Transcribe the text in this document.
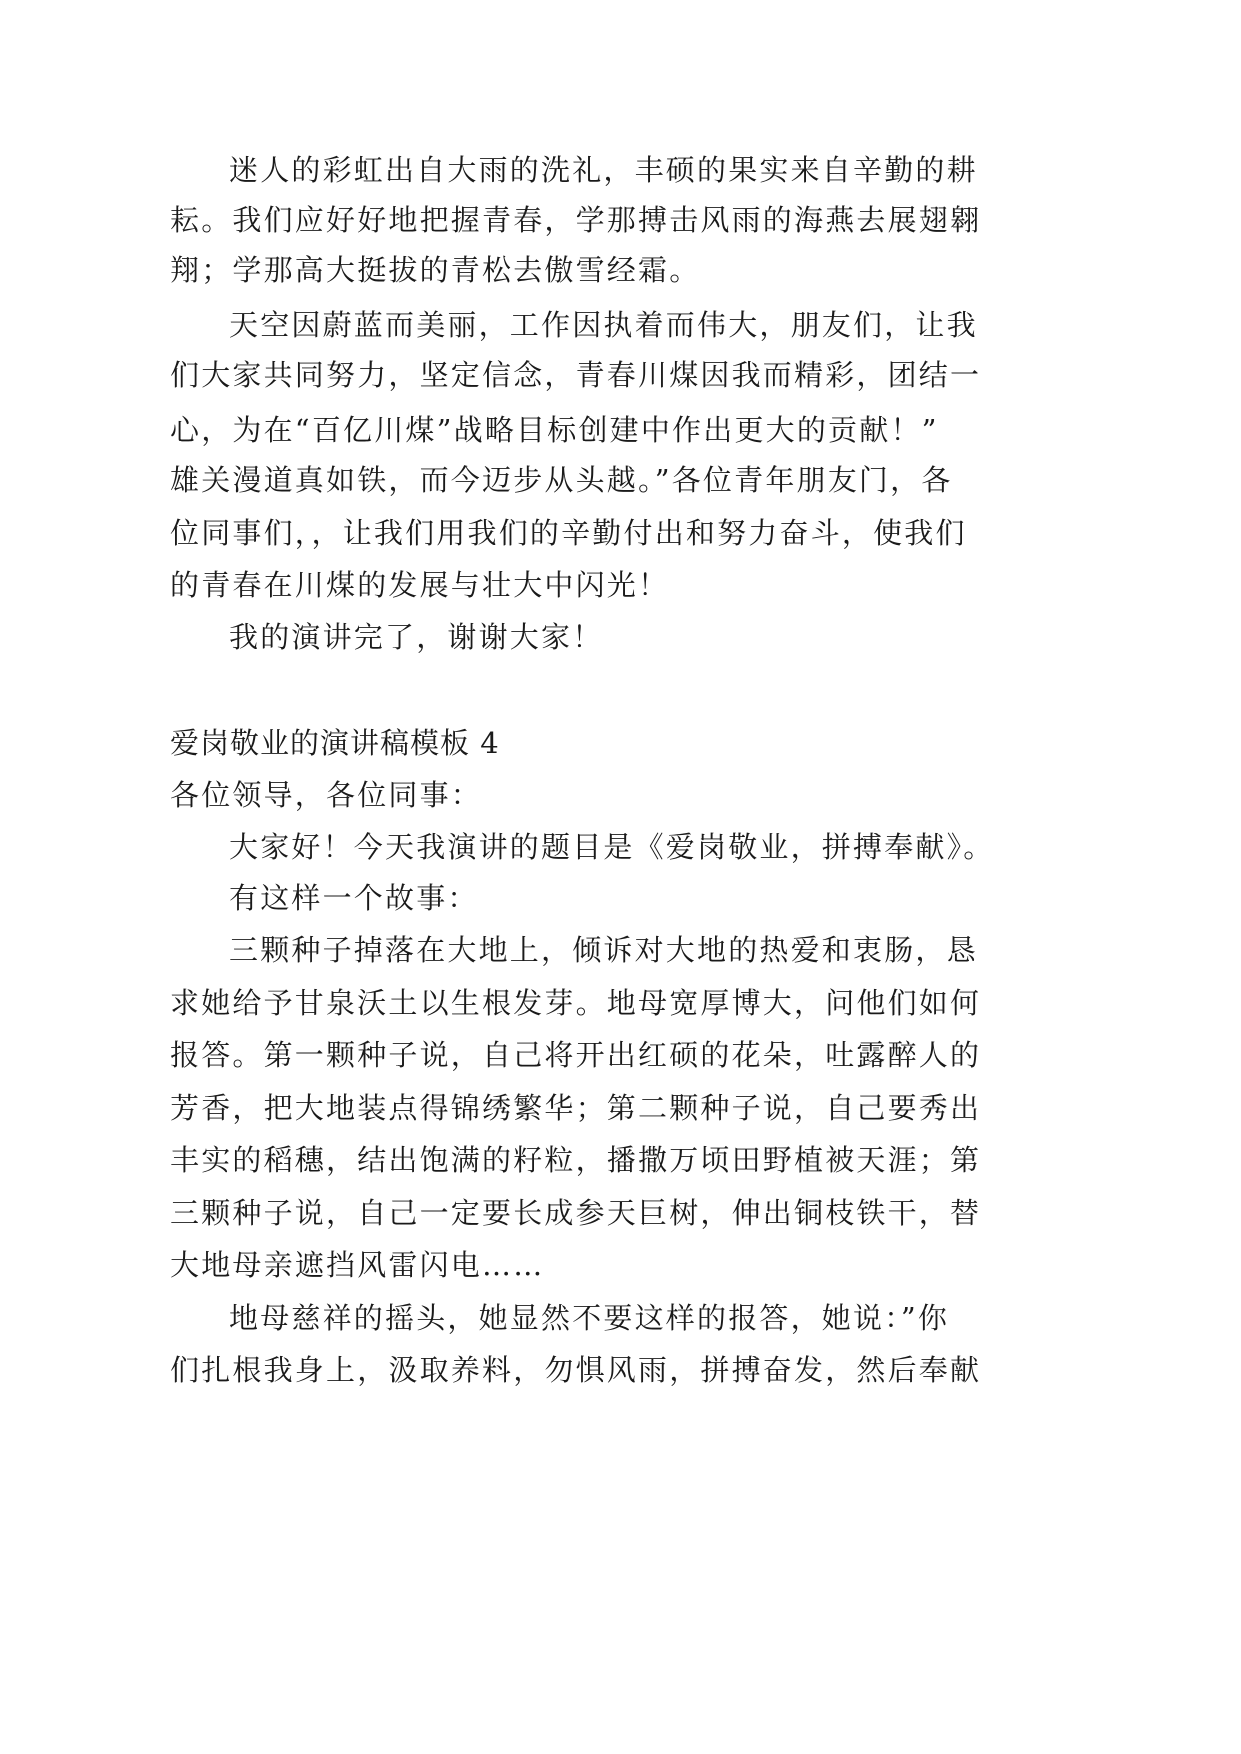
迷人的彩虹出自大雨的洗礼，丰硕的果实来自辛勤的耕
耘。我们应好好地把握青春，学那搏击风雨的海燕去展翅翱
翔；学那高大挺拔的青松去傲雪经霜。
天空因蔚蓝而美丽，工作因执着而伟大，朋友们，让我
们大家共同努力，坚定信念，青春川煤因我而精彩，团结一
心，为在“百亿川煤”战略目标创建中作出更大的贡献！”
雄关漫道真如铁，而今迈步从头越。”各位青年朋友门，各
位同事们，，让我们用我们的辛勤付出和努力奋斗，使我们
的青春在川煤的发展与壮大中闪光！
我的演讲完了，谢谢大家！
爱岗敬业的演讲稿模板 4
各位领导，各位同事：
大家好！今天我演讲的题目是《爱岗敬业，拼搏奉献》。
有这样一个故事：
三颗种子掉落在大地上，倾诉对大地的热爱和衷肠，恳
求她给予甘泉沃土以生根发芽。地母宽厚博大，问他们如何
报答。第一颗种子说，自己将开出红硕的花朵，吐露醉人的
芳香，把大地装点得锦绣繁华；第二颗种子说，自己要秀出
丰实的稻穗，结出饱满的籽粒，播撒万顷田野植被天涯；第
三颗种子说，自己一定要长成参天巨树，伸出铜枝铁干，替
大地母亲遮挡风雷闪电……
地母慈祥的摇头，她显然不要这样的报答，她说：”你
们扎根我身上，汲取养料，勿惧风雨，拼搏奋发，然后奉献
